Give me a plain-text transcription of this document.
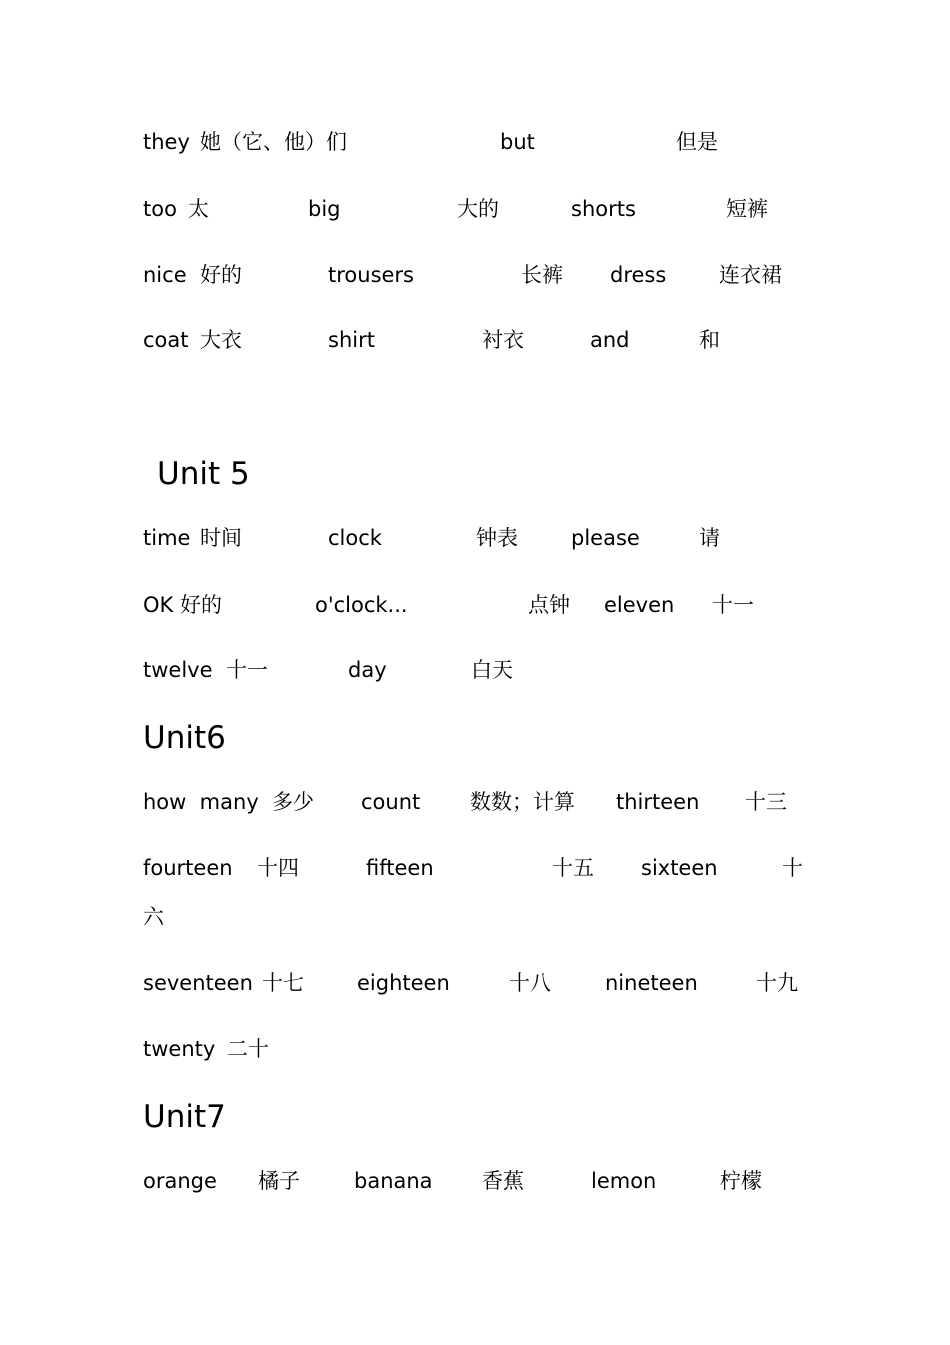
they 她（它、他）们	but	但是
too 太	big	大的	shorts	短裤
nice 好的	trousers	长裤 dress	连衣裙
coat 大衣	shirt	衬衣	and	和
Unit 5
time 时间	clock	钟表	please	请
OK 好的	o'clock...	点钟 eleven 十一
twelve 十一	day	白天
Unit6
how  many 多少 count 数数；计算 thirteen 十三
fourteen 十四	fifteen	十五 sixteen	十
六
seventeen 十七	eighteen	十八	nineteen	十九
twenty 二十
Unit7
orange 橘子	banana 香蕉	lemon	柠檬
